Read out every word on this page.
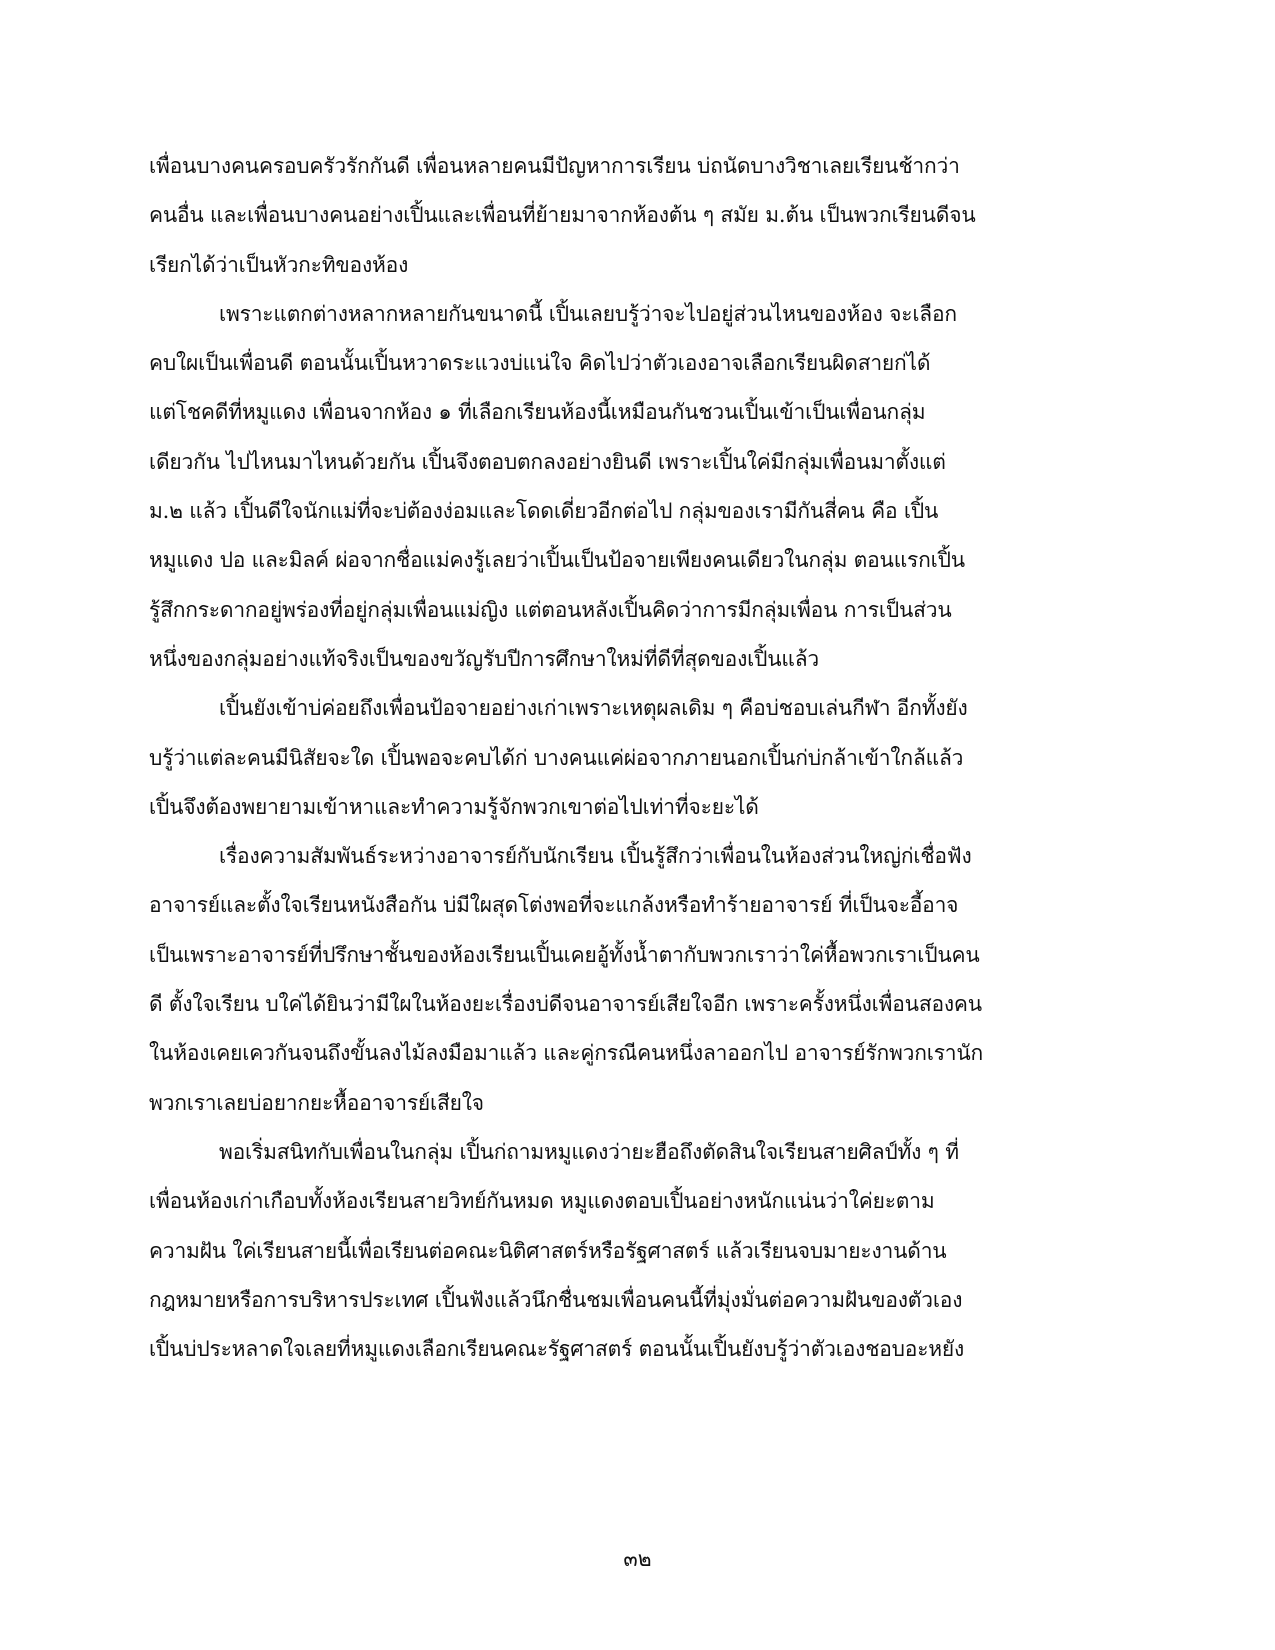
เพื่อนบางคนครอบครัวรักกันดี เพื่อนหลายคนมีปัญหาการเรียน บ่ถนัดบางวิชาเลยเรียนช้ากว่า
คนอื่น และเพื่อนบางคนอย่างเปิ้นและเพื่อนที่ย้ายมาจากห้องต้น ๆ สมัย ม.ต้น เป็นพวกเรียนดีจน
เรียกได้ว่าเป็นหัวกะทิของห้อง
เพราะแตกต่างหลากหลายกันขนาดนี้ เปิ้นเลยบรู้ว่าจะไปอยู่ส่วนไหนของห้อง จะเลือก
คบใผเป็นเพื่อนดี ตอนนั้นเปิ้นหวาดระแวงบ่แน่ใจ คิดไปว่าตัวเองอาจเลือกเรียนผิดสายก่ได้
แต่โชคดีที่หมูแดง เพื่อนจากห้อง ๑ ที่เลือกเรียนห้องนี้เหมือนกันชวนเปิ้นเข้าเป็นเพื่อนกลุ่ม
เดียวกัน ไปไหนมาไหนด้วยกัน เปิ้นจึงตอบตกลงอย่างยินดี เพราะเปิ้นใค่มีกลุ่มเพื่อนมาตั้งแต่
ม.๒ แล้ว เปิ้นดีใจนักแม่ที่จะบ่ต้องง่อมและโดดเดี่ยวอีกต่อไป กลุ่มของเรามีกันสี่คน คือ เปิ้น
หมูแดง ปอ และมิลค์ ผ่อจากชื่อแม่คงรู้เลยว่าเปิ้นเป็นป้อจายเพียงคนเดียวในกลุ่ม ตอนแรกเปิ้น
รู้สึกกระดากอยู่พร่องที่อยู่กลุ่มเพื่อนแม่ญิง แต่ตอนหลังเปิ้นคิดว่าการมีกลุ่มเพื่อน การเป็นส่วน
หนึ่งของกลุ่มอย่างแท้จริงเป็นของขวัญรับปีการศึกษาใหม่ที่ดีที่สุดของเปิ้นแล้ว
เปิ้นยังเข้าบ่ค่อยถึงเพื่อนป้อจายอย่างเก่าเพราะเหตุผลเดิม ๆ คือบ่ชอบเล่นกีฬา อีกทั้งยัง
บรู้ว่าแต่ละคนมีนิสัยจะใด เปิ้นพอจะคบได้ก่ บางคนแค่ผ่อจากภายนอกเปิ้นก่บ่กล้าเข้าใกล้แล้ว
เปิ้นจึงต้องพยายามเข้าหาและทำความรู้จักพวกเขาต่อไปเท่าที่จะยะได้
เรื่องความสัมพันธ์ระหว่างอาจารย์กับนักเรียน เปิ้นรู้สึกว่าเพื่อนในห้องส่วนใหญ่ก่เชื่อฟัง
อาจารย์และตั้งใจเรียนหนังสือกัน บ่มีใผสุดโต่งพอที่จะแกล้งหรือทำร้ายอาจารย์ ที่เป็นจะอี้อาจ
เป็นเพราะอาจารย์ที่ปรึกษาชั้นของห้องเรียนเปิ้นเคยอู้ทั้งน้ำตากับพวกเราว่าใค่หื้อพวกเราเป็นคน
ดี ตั้งใจเรียน บใค่ได้ยินว่ามีใผในห้องยะเรื่องบ่ดีจนอาจารย์เสียใจอีก เพราะครั้งหนึ่งเพื่อนสองคน
ในห้องเคยเควกันจนถึงขั้นลงไม้ลงมือมาแล้ว และคู่กรณีคนหนึ่งลาออกไป อาจารย์รักพวกเรานัก
พวกเราเลยบ่อยากยะหื้ออาจารย์เสียใจ
พอเริ่มสนิทกับเพื่อนในกลุ่ม เปิ้นก่ถามหมูแดงว่ายะฮือถึงตัดสินใจเรียนสายศิลป์ทั้ง ๆ ที่
เพื่อนห้องเก่าเกือบทั้งห้องเรียนสายวิทย์กันหมด หมูแดงตอบเปิ้นอย่างหนักแน่นว่าใค่ยะตาม
ความฝัน ใค่เรียนสายนี้เพื่อเรียนต่อคณะนิติศาสตร์หรือรัฐศาสตร์ แล้วเรียนจบมายะงานด้าน
กฎหมายหรือการบริหารประเทศ เปิ้นฟังแล้วนึกชื่นชมเพื่อนคนนี้ที่มุ่งมั่นต่อความฝันของตัวเอง
เปิ้นบ่ประหลาดใจเลยที่หมูแดงเลือกเรียนคณะรัฐศาสตร์ ตอนนั้นเปิ้นยังบรู้ว่าตัวเองชอบอะหยัง
๓๒
